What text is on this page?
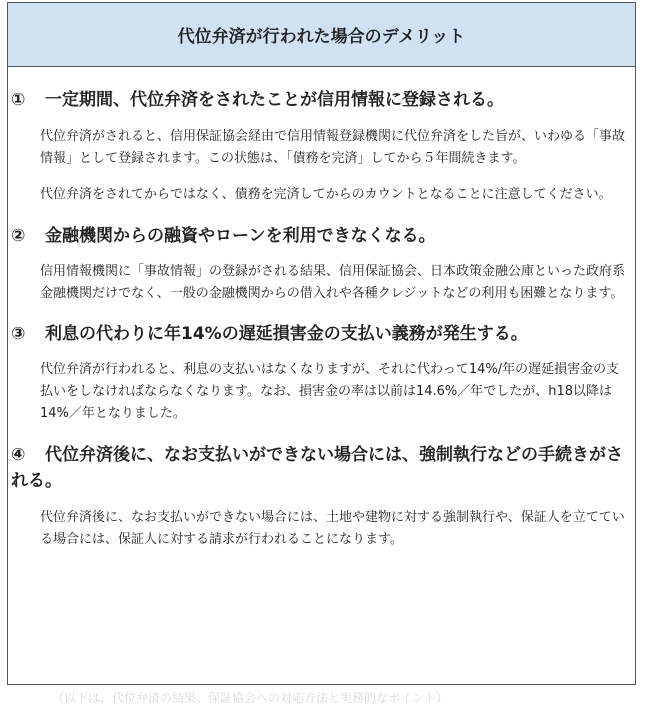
代位弁済が行われた場合のデメリット
① 一定期間、代位弁済をされたことが信用情報に登録される。
代位弁済がされると、信用保証協会経由で信用情報登録機関に代位弁済をした旨が、いわゆる「事故情報」として登録されます。この状態は、「債務を完済」してから５年間続きます。
代位弁済をされてからではなく、債務を完済してからのカウントとなることに注意してください。
② 金融機関からの融資やローンを利用できなくなる。
信用情報機関に「事故情報」の登録がされる結果、信用保証協会、日本政策金融公庫といった政府系金融機関だけでなく、一般の金融機関からの借入れや各種クレジットなどの利用も困難となります。
③ 利息の代わりに年14%の遅延損害金の支払い義務が発生する。
代位弁済が行われると、利息の支払いはなくなりますが、それに代わって14%/年の遅延損害金の支払いをしなければならなくなります。なお、損害金の率は以前は14.6%／年でしたが、h18以降は14%／年となりました。
④ 代位弁済後に、なお支払いができない場合には、強制執行などの手続きがされる。
代位弁済後に、なお支払いができない場合には、土地や建物に対する強制執行や、保証人を立てている場合には、保証人に対する請求が行われることになります。
（以下は、代位弁済の結果、保証協会への対応方法と実務的なポイント）
